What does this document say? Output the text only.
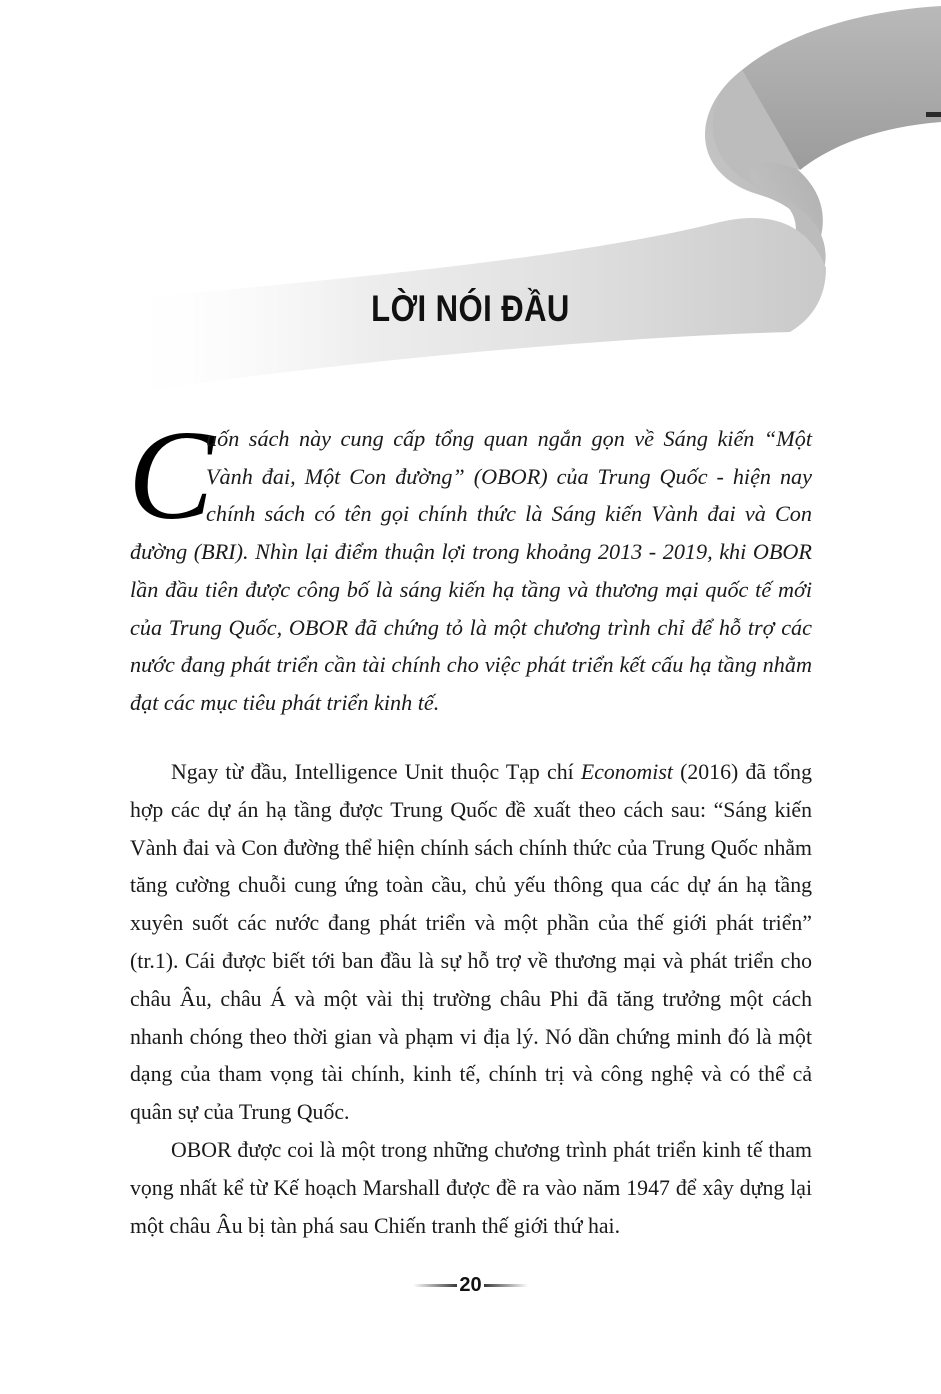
LỜI NÓI ĐẦU
C
uốn sách này cung cấp tổng quan ngắn gọn về Sáng kiến “Một Vành đai, Một Con đường” (OBOR) của Trung Quốc - hiện nay chính sách có tên gọi chính thức là Sáng kiến Vành đai và Con đường (BRI). Nhìn lại điểm thuận lợi trong khoảng 2013 - 2019, khi OBOR lần đầu tiên được công bố là sáng kiến hạ tầng và thương mại quốc tế mới của Trung Quốc, OBOR đã chứng tỏ là một chương trình chỉ để hỗ trợ các nước đang phát triển cần tài chính cho việc phát triển kết cấu hạ tầng nhằm đạt các mục tiêu phát triển kinh tế.

Ngay từ đầu, Intelligence Unit thuộc Tạp chí Economist (2016) đã tổng hợp các dự án hạ tầng được Trung Quốc đề xuất theo cách sau: “Sáng kiến Vành đai và Con đường thể hiện chính sách chính thức của Trung Quốc nhằm tăng cường chuỗi cung ứng toàn cầu, chủ yếu thông qua các dự án hạ tầng xuyên suốt các nước đang phát triển và một phần của thế giới phát triển” (tr.1). Cái được biết tới ban đầu là sự hỗ trợ về thương mại và phát triển cho châu Âu, châu Á và một vài thị trường châu Phi đã tăng trưởng một cách nhanh chóng theo thời gian và phạm vi địa lý. Nó dần chứng minh đó là một dạng của tham vọng tài chính, kinh tế, chính trị và công nghệ và có thể cả quân sự của Trung Quốc.

OBOR được coi là một trong những chương trình phát triển kinh tế tham vọng nhất kể từ Kế hoạch Marshall được đề ra vào năm 1947 để xây dựng lại một châu Âu bị tàn phá sau Chiến tranh thế giới thứ hai.

20
